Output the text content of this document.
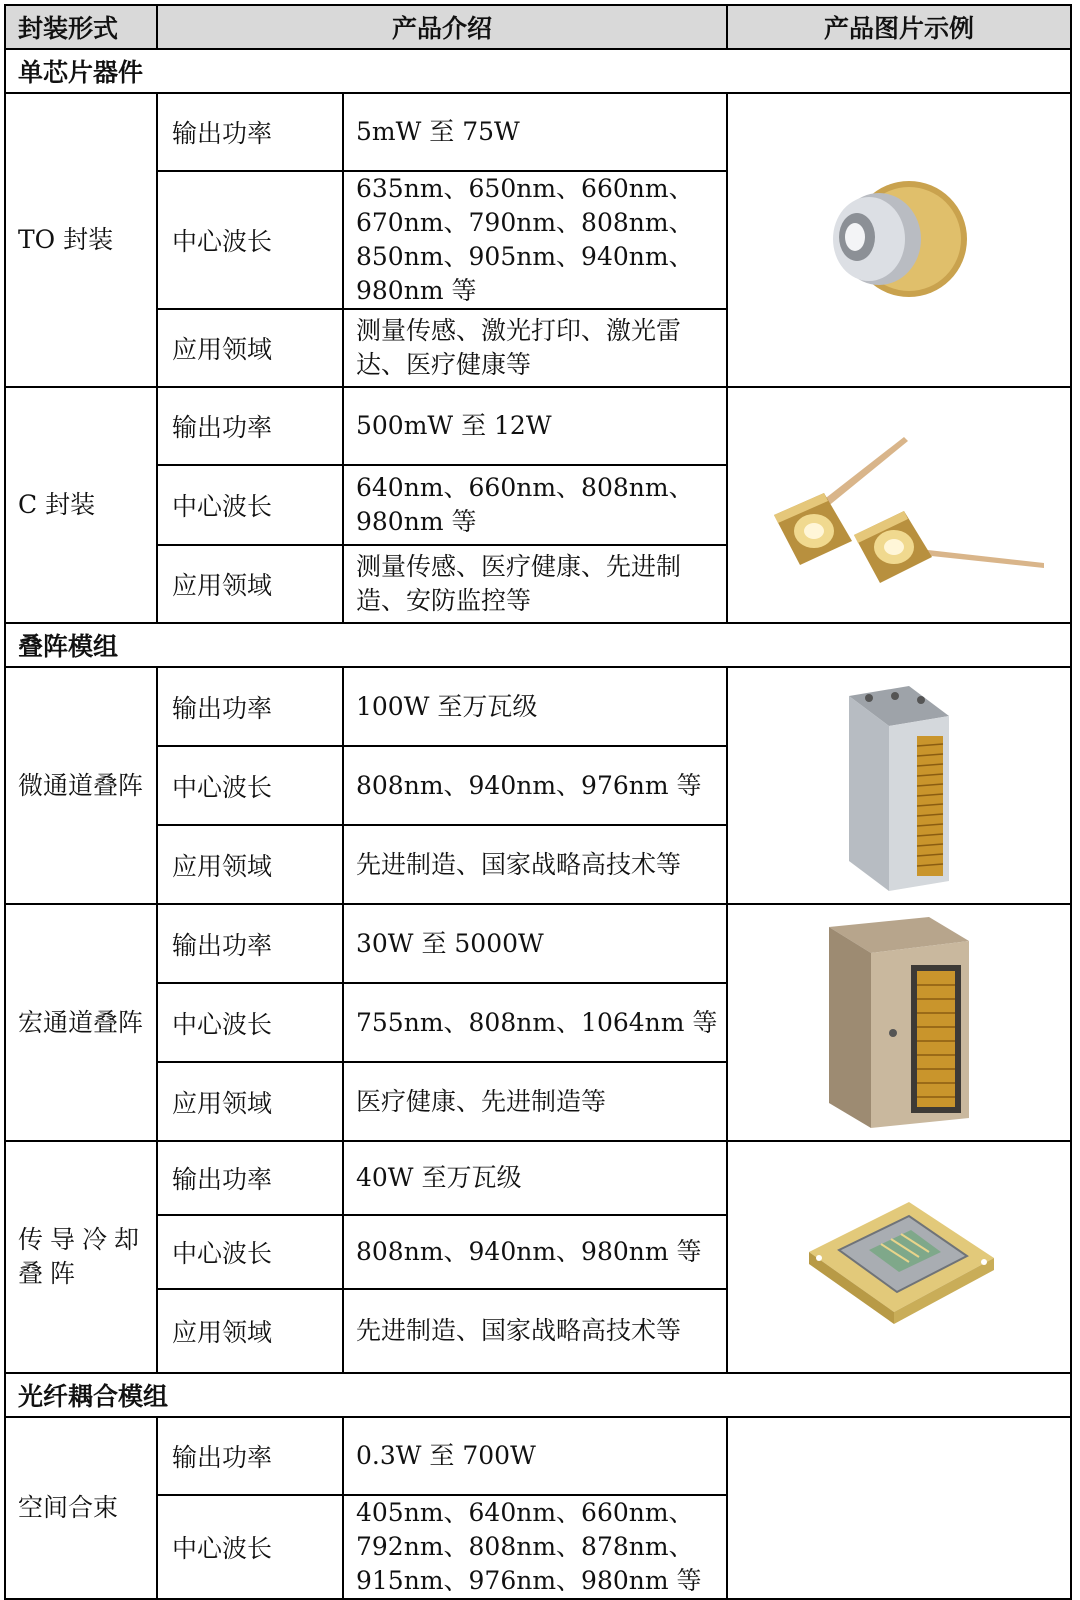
封装形式	产品介绍		产品图片示例
单芯片器件			
TO 封装	输出功率	5mW 至 75W	

	中心波长	635nm、650nm、660nm、670nm、790nm、808nm、850nm、905nm、940nm、980nm 等	
	应用领域	测量传感、激光打印、激光雷达、医疗健康等	
C 封装	输出功率	500mW 至 12W	

	中心波长	640nm、660nm、808nm、980nm 等	
	应用领域	测量传感、医疗健康、先进制造、安防监控等	
叠阵模组			
微通道叠阵	输出功率	100W 至万瓦级	

	中心波长	808nm、940nm、976nm 等	
	应用领域	先进制造、国家战略高技术等	
宏通道叠阵	输出功率	30W 至 5000W	

	中心波长	755nm、808nm、1064nm 等	
	应用领域	医疗健康、先进制造等	
传导冷却叠阵	输出功率	40W 至万瓦级	

	中心波长	808nm、940nm、980nm 等	
	应用领域	先进制造、国家战略高技术等	
光纤耦合模组			
空间合束	输出功率	0.3W 至 700W	
	中心波长	405nm、640nm、660nm、792nm、808nm、878nm、915nm、976nm、980nm 等	
